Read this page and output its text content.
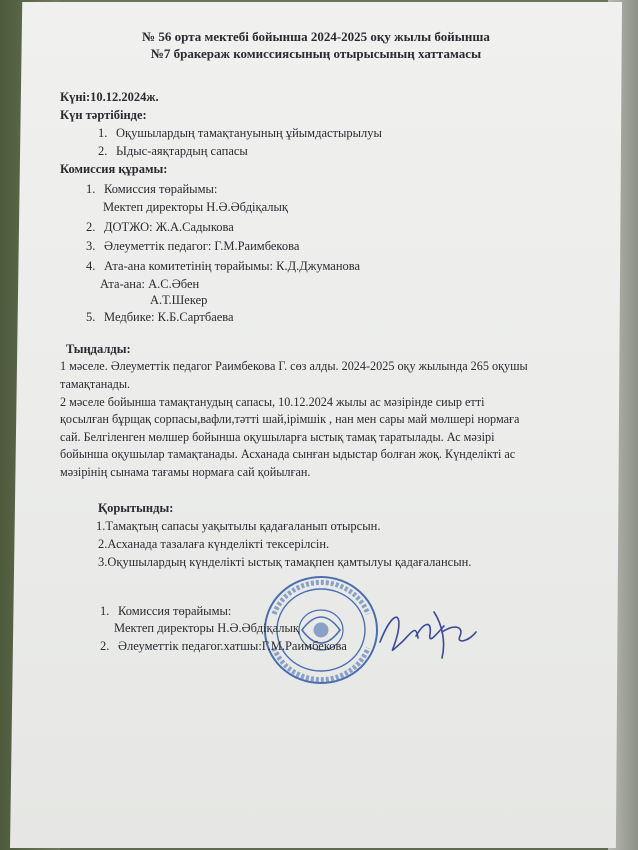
№ 56 орта мектебі бойынша 2024-2025 оқу жылы бойынша
№7 бракераж комиссиясының отырысының хаттамасы
Күні:10.12.2024ж.
Күн тәртібінде:
1. Оқушылардың тамақтануының ұйымдастырылуы
2. Ыдыс-аяқтардың сапасы
Комиссия құрамы:
1. Комиссия төрайымы:
Мектеп директоры Н.Ә.Әбдіқалық
2. ДОТЖО: Ж.А.Садыкова
3. Әлеуметтік педагог: Г.М.Раимбекова
4. Ата-ана комитетінің төрайымы: К.Д.Джуманова
Ата-ана: А.С.Әбен
А.Т.Шекер
5. Медбике: К.Б.Сартбаева
Тыңдалды:
1 мәселе. Әлеуметтік педагог Раимбекова Г. сөз алды. 2024-2025 оқу жылында 265 оқушы
тамақтанады.
2 мәселе бойынша тамақтанудың сапасы, 10.12.2024 жылы ас мәзірінде сиыр етті
қосылған бұрщақ сорпасы,вафли,тәтті шай,ірімшік , нан мен сары май мөлшері нормаға
сай. Белгіленген мөлшер бойынша оқушыларға ыстық тамақ таратылады. Ас мәзірі
бойынша оқушылар тамақтанады. Асханада сынған ыдыстар болған жоқ. Күнделікті ас
мәзірінің сынама тағамы нормаға сай қойылған.
Қорытынды:
1.Тамақтың сапасы уақытылы қадағаланып отырсын.
2.Асханада тазалаға күнделікті тексерілсін.
3.Оқушылардың күнделікті ыстық тамақпен қамтылуы қадағалансын.
1. Комиссия төрайымы:
Мектеп директоры Н.Ә.Әбдіқалық
2. Әлеуметтік педагог.хатшы:Г.М.Раимбекова
